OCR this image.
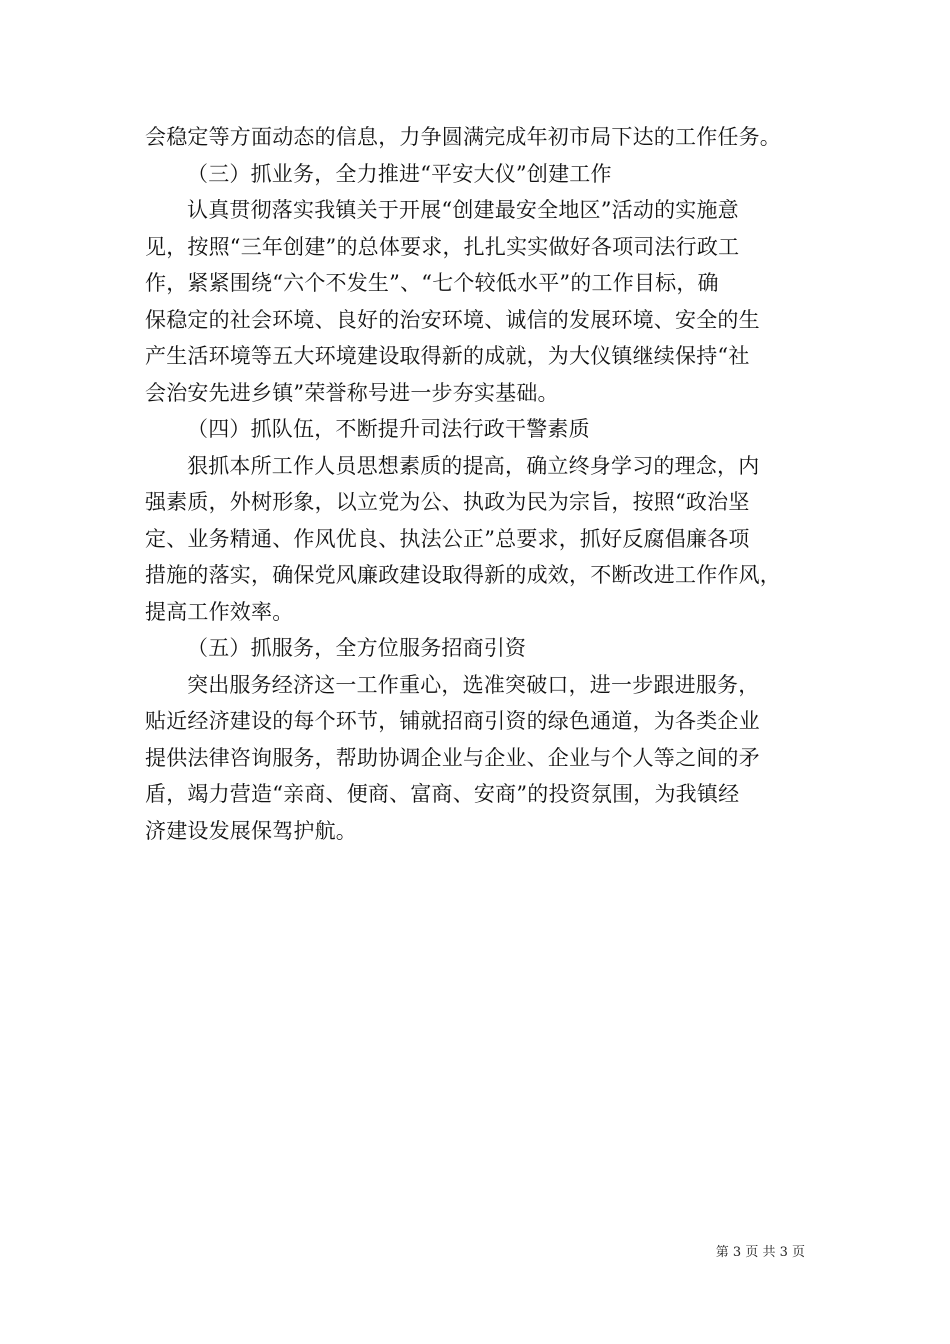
会稳定等方面动态的信息，力争圆满完成年初市局下达的工作任务。
（三）抓业务，全力推进“平安大仪”创建工作
认真贯彻落实我镇关于开展“创建最安全地区”活动的实施意
见，按照“三年创建”的总体要求，扎扎实实做好各项司法行政工
作，紧紧围绕“六个不发生”、“七个较低水平”的工作目标，确
保稳定的社会环境、良好的治安环境、诚信的发展环境、安全的生
产生活环境等五大环境建设取得新的成就，为大仪镇继续保持“社
会治安先进乡镇”荣誉称号进一步夯实基础。
（四）抓队伍，不断提升司法行政干警素质
狠抓本所工作人员思想素质的提高，确立终身学习的理念，内
强素质，外树形象，以立党为公、执政为民为宗旨，按照“政治坚
定、业务精通、作风优良、执法公正”总要求，抓好反腐倡廉各项
措施的落实，确保党风廉政建设取得新的成效，不断改进工作作风，
提高工作效率。
（五）抓服务，全方位服务招商引资
突出服务经济这一工作重心，选准突破口，进一步跟进服务，
贴近经济建设的每个环节，铺就招商引资的绿色通道，为各类企业
提供法律咨询服务，帮助协调企业与企业、企业与个人等之间的矛
盾，竭力营造“亲商、便商、富商、安商”的投资氛围，为我镇经
济建设发展保驾护航。
第 3 页 共 3 页
